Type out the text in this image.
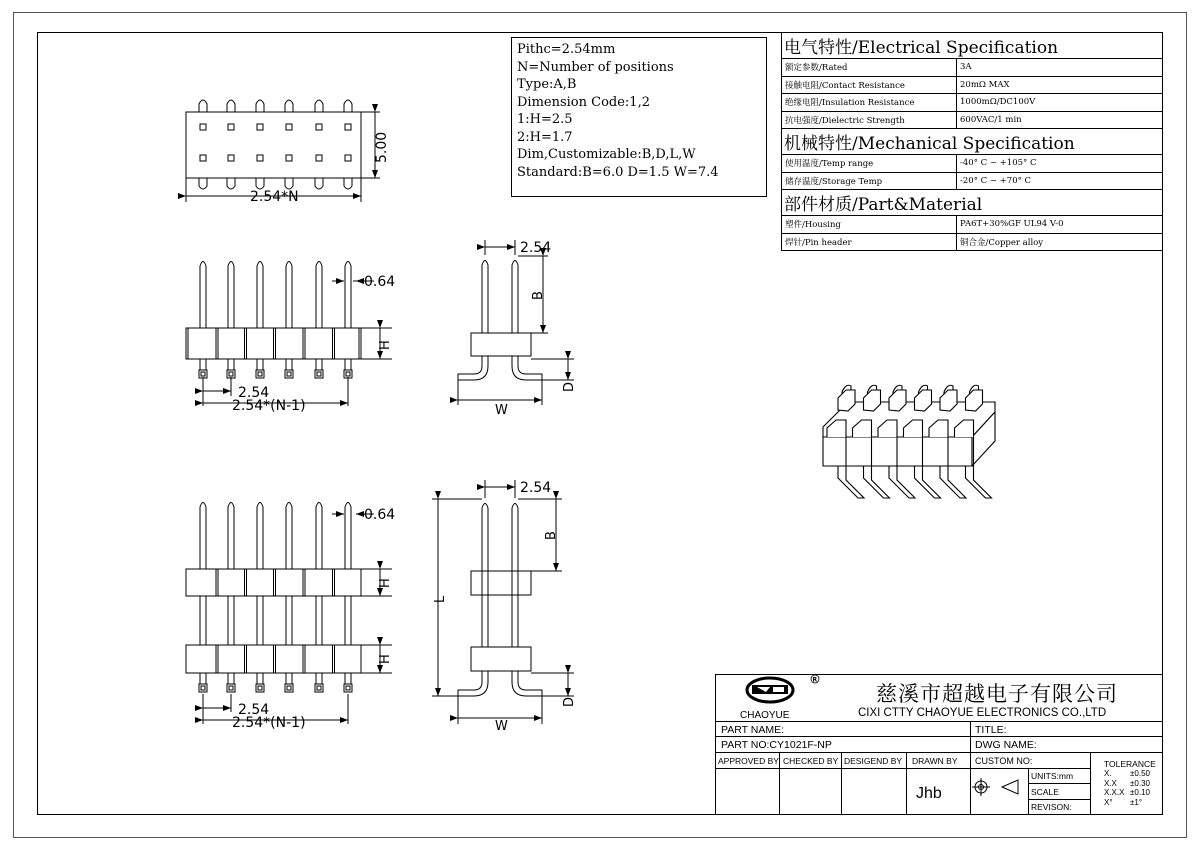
Pithc=2.54mm
N=Number of positions
Type:A,B
Dimension Code:1,2
1:H=2.5
2:H=1.7
Dim,Customizable:B,D,L,W
Standard:B=6.0 D=1.5 W=7.4
电气特性/Electrical Specification	
额定参数/Rated	3A
接触电阻/Contact Resistance	20mΩ MAX
绝缘电阻/Insulation Resistance	1000mΩ/DC100V
抗电强度/Dielectric Strength	600VAC/1 min
机械特性/Mechanical Specification	
使用温度/Temp range	-40° C ~ +105° C
储存温度/Storage Temp	-20° C ~ +70° C
部件材质/Part&Material	
塑件/Housing	PA6T+30%GF UL94 V-0
焊针/Pin header	铜合金/Copper alloy
5.00
2.54*N
0.64
H
2.54
2.54*(N-1)
2.54
B
D
W
0.64
H
H
2.54
2.54*(N-1)
2.54
B
L
D
W
R
CHAOYUE
慈溪市超越电子有限公司
CIXI CTTY CHAOYUE ELECTRONICS CO.,LTD
PART NAME:	TITLE:
PART NO:CY1021F-NP	DWG NAME:
APPROVED BY CHECKED BY DESIGEND BY DRAWN BY
Jhb
CUSTOM NO:
UNITS:mm
SCALE
REVISON:
TOLERANCE
X. ±0.50
X.X ±0.30
X.X.X ±0.10
X° ±1°
